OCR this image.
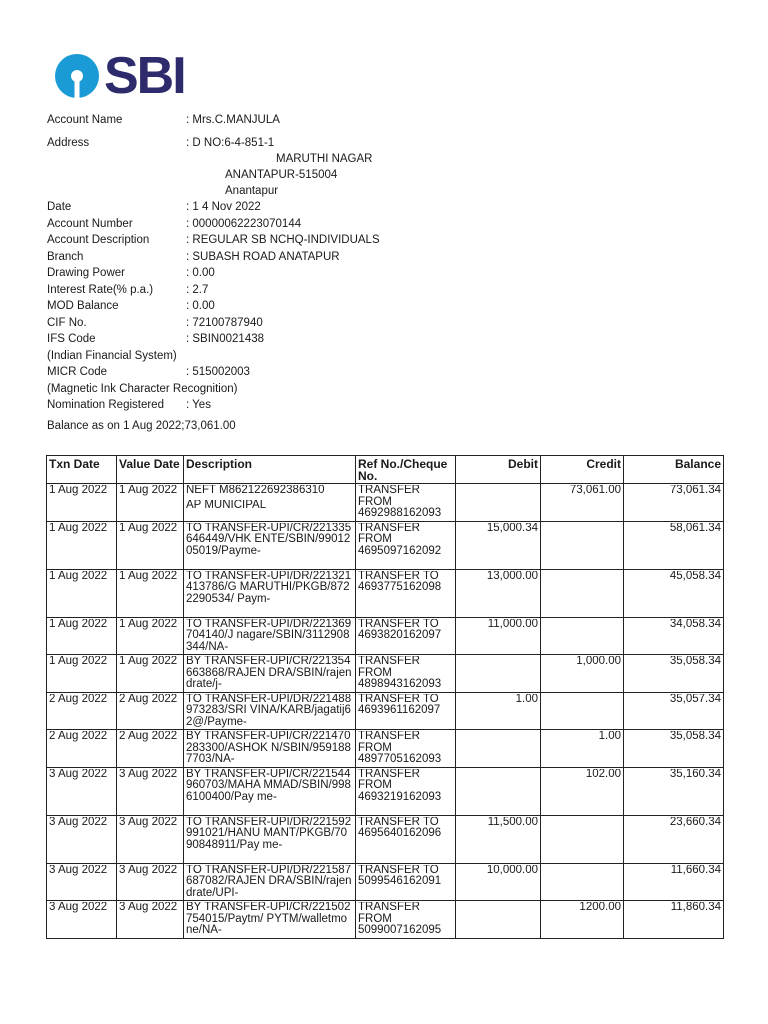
SBI
Account Name	: Mrs.C.MANJULA
Address	: D NO:6-4-851-1
MARUTHI NAGAR
ANANTAPUR-515004
Anantapur
Date	: 1 4 Nov 2022
Account Number	: 00000062223070144
Account Description	: REGULAR SB NCHQ-INDIVIDUALS
Branch	: SUBASH ROAD ANATAPUR
Drawing Power	: 0.00
Interest Rate(% p.a.)	: 2.7
MOD Balance	: 0.00
CIF No.	: 72100787940
IFS Code	: SBIN0021438
(Indian Financial System)
MICR Code	: 515002003
(Magnetic Ink Character Recognition)
Nomination Registered : Yes
Balance as on 1 Aug 2022;73,061.00
Txn Date	Value Date	Description	Ref No./Cheque No.	Debit	Credit	Balance

1 Aug 2022	1 Aug 2022	NEFT M862122692386310
AP MUNICIPAL	TRANSFER FROM 4692988162093		73,061.00	73,061.34

1 Aug 2022	1 Aug 2022	TO TRANSFER-UPI/CR/221335646449/VHK ENTE/SBIN/9901205019/Payme-	TRANSFER FROM 4695097162092	15,000.34		58,061.34

1 Aug 2022	1 Aug 2022	TO TRANSFER-UPI/DR/221321413786/G MARUTHI/PKGB/8722290534/ Paym-	TRANSFER TO 4693775162098	13,000.00		45,058.34

1 Aug 2022	1 Aug 2022	TO TRANSFER-UPI/DR/221369704140/J nagare/SBIN/3112908344/NA-	TRANSFER TO 4693820162097	11,000.00		34,058.34

1 Aug 2022	1 Aug 2022	BY TRANSFER-UPI/CR/221354663868/RAJEN DRA/SBIN/rajendrate/j-	TRANSFER FROM 4898943162093		1,000.00	35,058.34

2 Aug 2022	2 Aug 2022	TO TRANSFER-UPI/DR/221488973283/SRI VINA/KARB/jagatij62@/Payme-	TRANSFER TO 4693961162097	1.00		35,057.34

2 Aug 2022	2 Aug 2022	BY TRANSFER-UPI/CR/221470283300/ASHOK N/SBIN/9591887703/NA-	TRANSFER FROM 4897705162093		1.00	35,058.34

3 Aug 2022	3 Aug 2022	BY TRANSFER-UPI/CR/221544960703/MAHA MMAD/SBIN/9986100400/Pay me-	TRANSFER FROM 4693219162093		102.00	35,160.34

3 Aug 2022	3 Aug 2022	TO TRANSFER-UPI/DR/221592991021/HANU MANT/PKGB/7090848911/Pay me-	TRANSFER TO 4695640162096	11,500.00		23,660.34

3 Aug 2022	3 Aug 2022	TO TRANSFER-UPI/DR/221587687082/RAJEN DRA/SBIN/rajendrate/UPI-	TRANSFER TO 5099546162091	10,000.00		11,660.34

3 Aug 2022	3 Aug 2022	BY TRANSFER-UPI/CR/221502754015/Paytm/ PYTM/walletmone/NA-	TRANSFER FROM 5099007162095		1200.00	11,860.34
